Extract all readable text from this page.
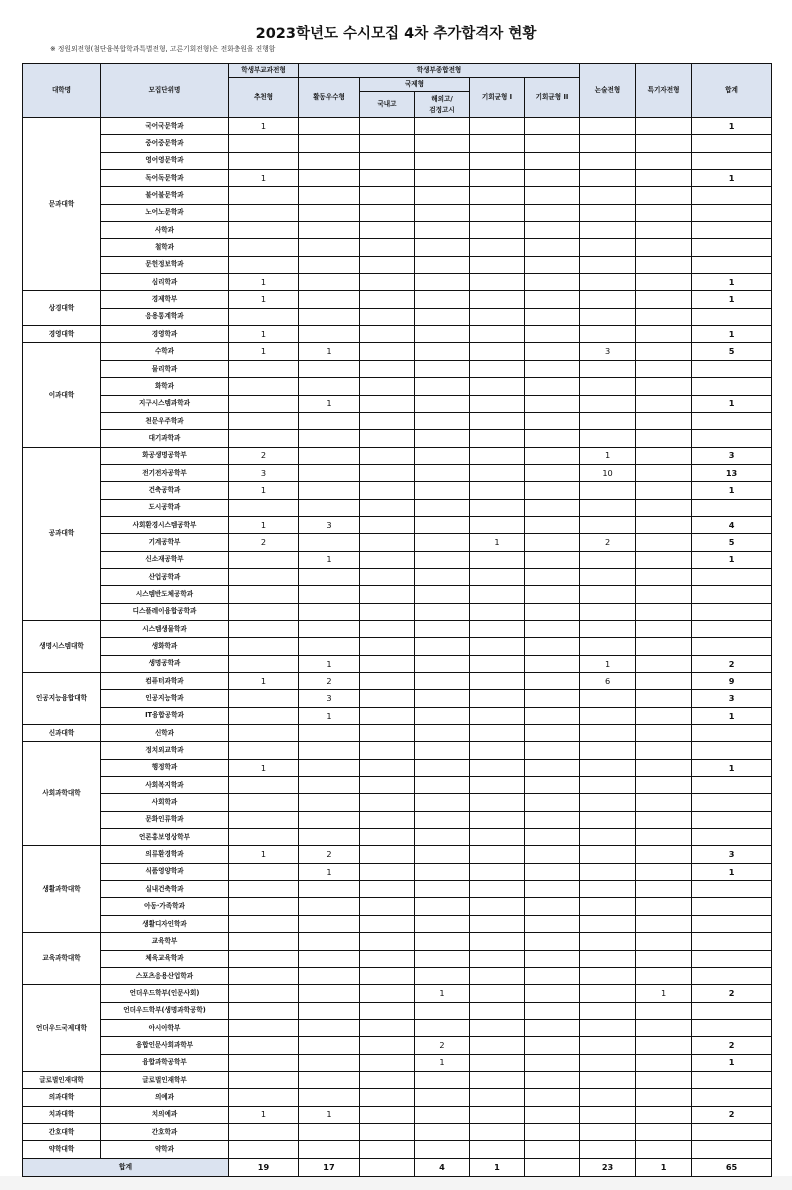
2023학년도 수시모집 4차 추가합격자 현황
※ 정원외전형(첨단융복합학과특별전형, 고른기회전형)은 전화충원을 진행함
대학명	모집단위명	학생부교과전형	학생부종합전형					논술전형	특기자전형	합계
		추천형	활동우수형	국제형		기회균형 I	기회균형 II			
				국내고	해외고/
검정고시					

문과대학	국어국문학과	1								1
	중어중문학과									
	영어영문학과									
	독어독문학과	1								1
	불어불문학과									
	노어노문학과									
	사학과									
	철학과									
	문헌정보학과									
	심리학과	1								1
상경대학	경제학부	1								1
	응용통계학과									
경영대학	경영학과	1								1
이과대학	수학과	1	1					3		5
	물리학과									
	화학과									
	지구시스템과학과		1							1
	천문우주학과									
	대기과학과									
공과대학	화공생명공학부	2						1		3
	전기전자공학부	3						10		13
	건축공학과	1								1
	도시공학과									
	사회환경시스템공학부	1	3							4
	기계공학부	2				1		2		5
	신소재공학부		1							1
	산업공학과									
	시스템반도체공학과									
	디스플레이융합공학과									
생명시스템대학	시스템생물학과									
	생화학과									
	생명공학과		1					1		2
인공지능융합대학	컴퓨터과학과	1	2					6		9
	인공지능학과		3							3
	IT융합공학과		1							1
신과대학	신학과									
사회과학대학	정치외교학과									
	행정학과	1								1
	사회복지학과									
	사회학과									
	문화인류학과									
	언론홍보영상학부									
생활과학대학	의류환경학과	1	2							3
	식품영양학과		1							1
	실내건축학과									
	아동·가족학과									
	생활디자인학과									
교육과학대학	교육학부									
	체육교육학과									
	스포츠응용산업학과									
언더우드국제대학	언더우드학부(인문사회)				1				1	2
	언더우드학부(생명과학공학)									
	아시아학부									
	융합인문사회과학부				2					2
	융합과학공학부				1					1
글로벌인재대학	글로벌인재학부									
의과대학	의예과									
치과대학	치의예과	1	1							2
간호대학	간호학과									
약학대학	약학과									
합계		19	17		4	1		23	1	65
